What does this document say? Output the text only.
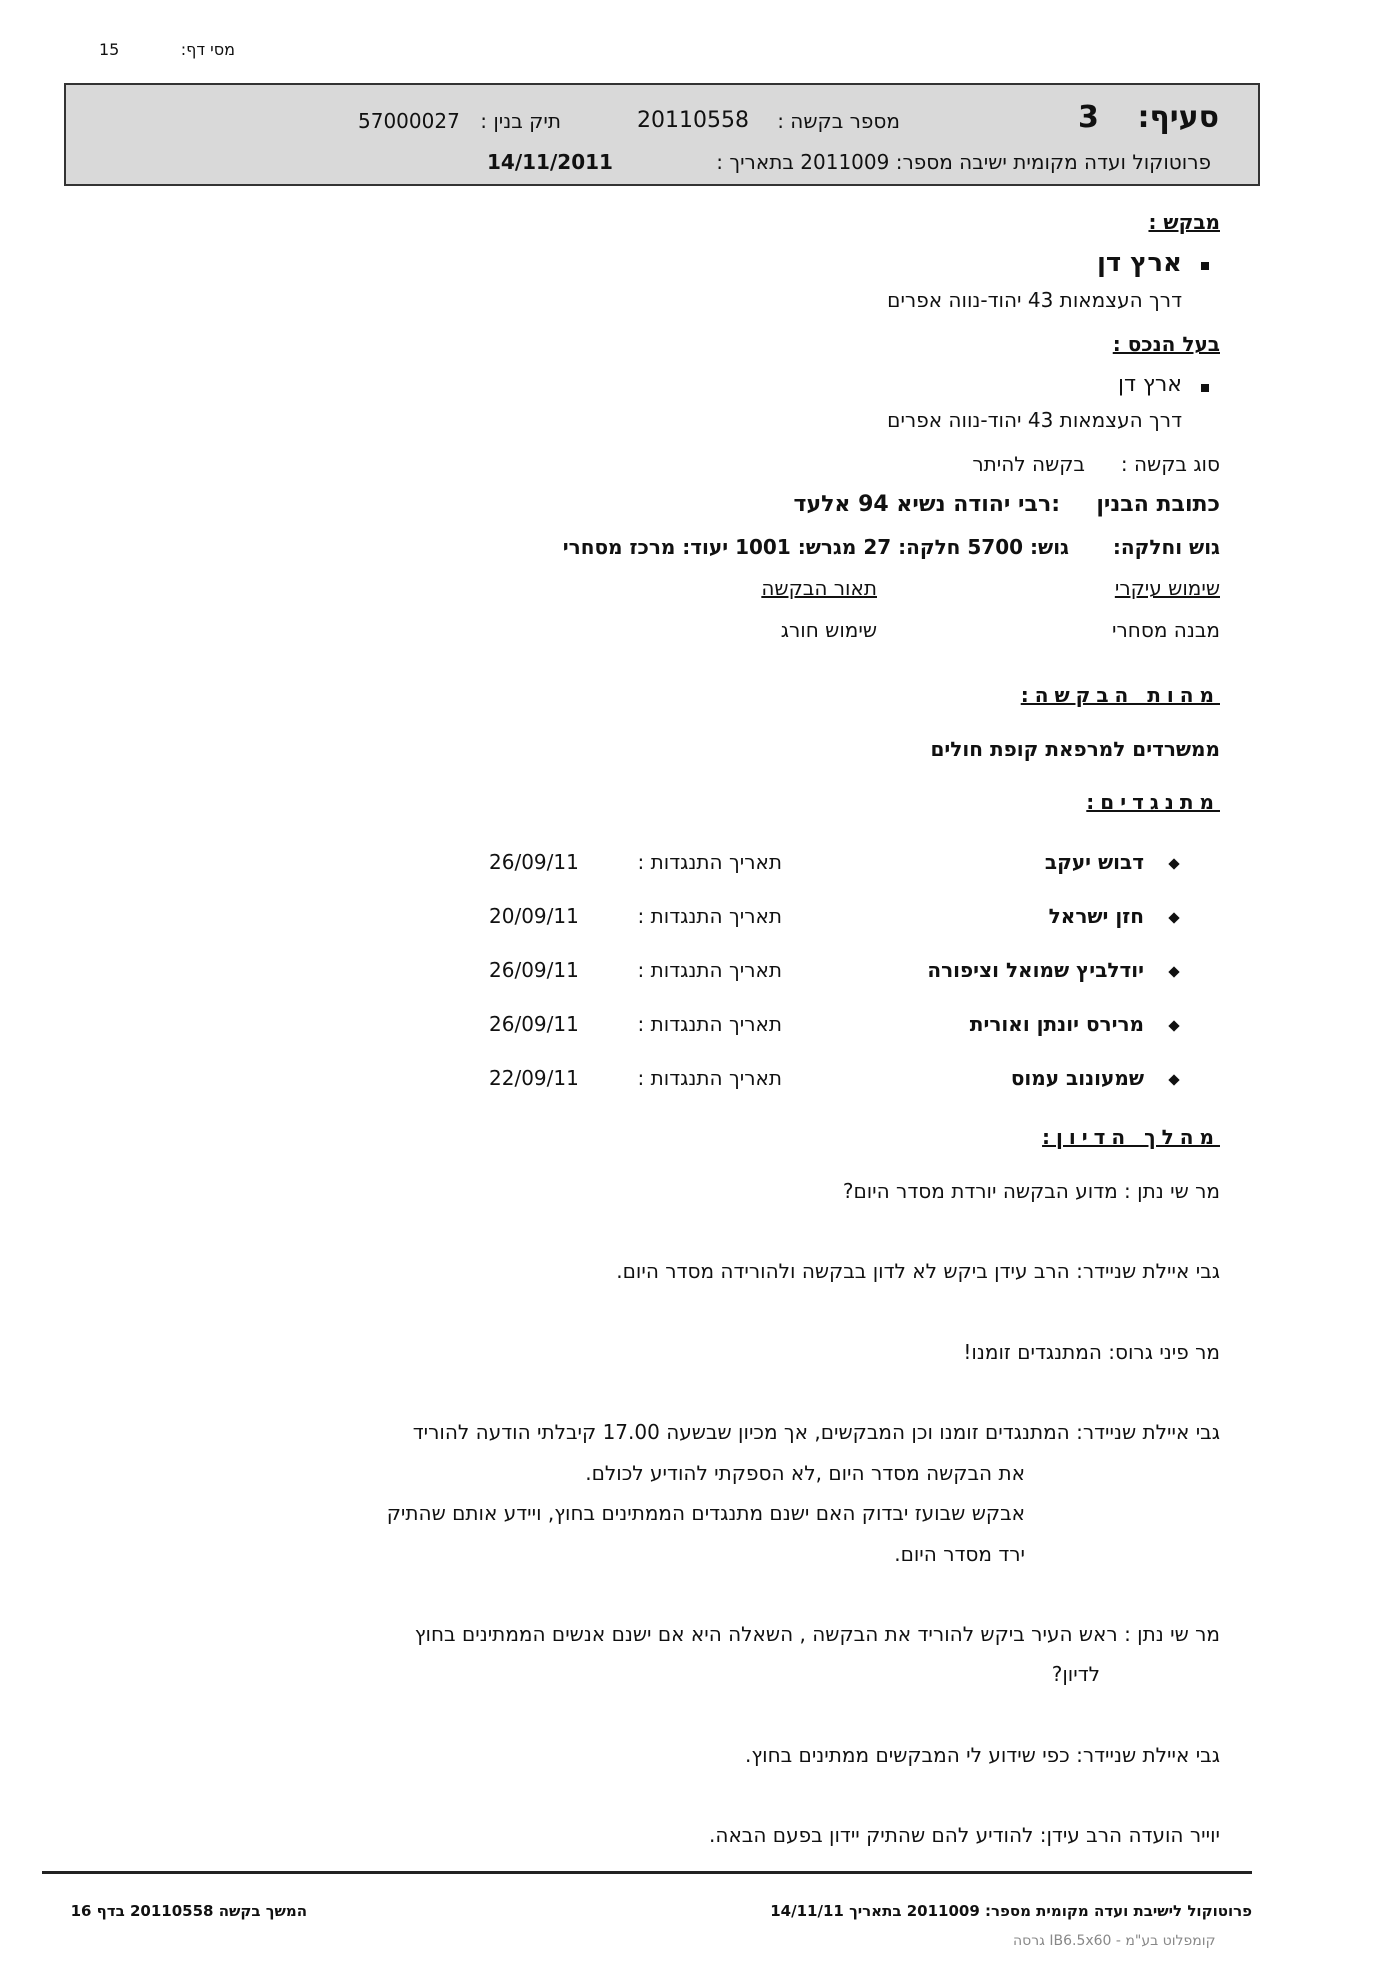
מסי דף:
15
סעיף:
3
מספר בקשה :
20110558
תיק בנין :
57000027
פרוטוקול ועדה מקומית ישיבה מספר: 2011009 בתאריך :
14/11/2011
מבקש :
ארץ דן
דרך העצמאות 43 יהוד-נווה אפרים
בעל הנכס :
ארץ דן
דרך העצמאות 43 יהוד-נווה אפרים
סוג בקשה :
בקשה להיתר
כתובת הבנין
:רבי יהודה נשיא 94 אלעד
גוש וחלקה:
גוש: 5700 חלקה: 27 מגרש: 1001 יעוד: מרכז מסחרי
שימוש עיקרי
תאור הבקשה
מבנה מסחרי
שימוש חורג
מהות הבקשה:
ממשרדים למרפאת קופת חולים
מתנגדים:
דבוש יעקב
תאריך התנגדות :
26/09/11
חזן ישראל
תאריך התנגדות :
20/09/11
יודלביץ שמואל וציפורה
תאריך התנגדות :
26/09/11
מרירס יונתן ואורית
תאריך התנגדות :
26/09/11
שמעונוב עמוס
תאריך התנגדות :
22/09/11
מהלך הדיון:
מר שי נתן : מדוע הבקשה יורדת מסדר היום?
גבי איילת שניידר: הרב עידן ביקש לא לדון בבקשה ולהורידה מסדר היום.
מר פיני גרוס: המתנגדים זומנו!
גבי איילת שניידר: המתנגדים זומנו וכן המבקשים, אך מכיון שבשעה 17.00 קיבלתי הודעה להוריד
את הבקשה מסדר היום ,לא הספקתי להודיע לכולם.
אבקש שבועז יבדוק האם ישנם מתנגדים הממתינים בחוץ, ויידע אותם שהתיק
ירד מסדר היום.
מר שי נתן : ראש העיר ביקש להוריד את הבקשה , השאלה היא אם ישנם אנשים הממתינים בחוץ
לדיון?
גבי איילת שניידר: כפי שידוע לי המבקשים ממתינים בחוץ.
יוייר הועדה הרב עידן: להודיע להם שהתיק יידון בפעם הבאה.
פרוטוקול לישיבת ועדה מקומית מספר: 2011009 בתאריך 14/11/11
המשך בקשה 20110558 בדף 16
גרסה IB6.5x60 - קומפלוט בע"מ
